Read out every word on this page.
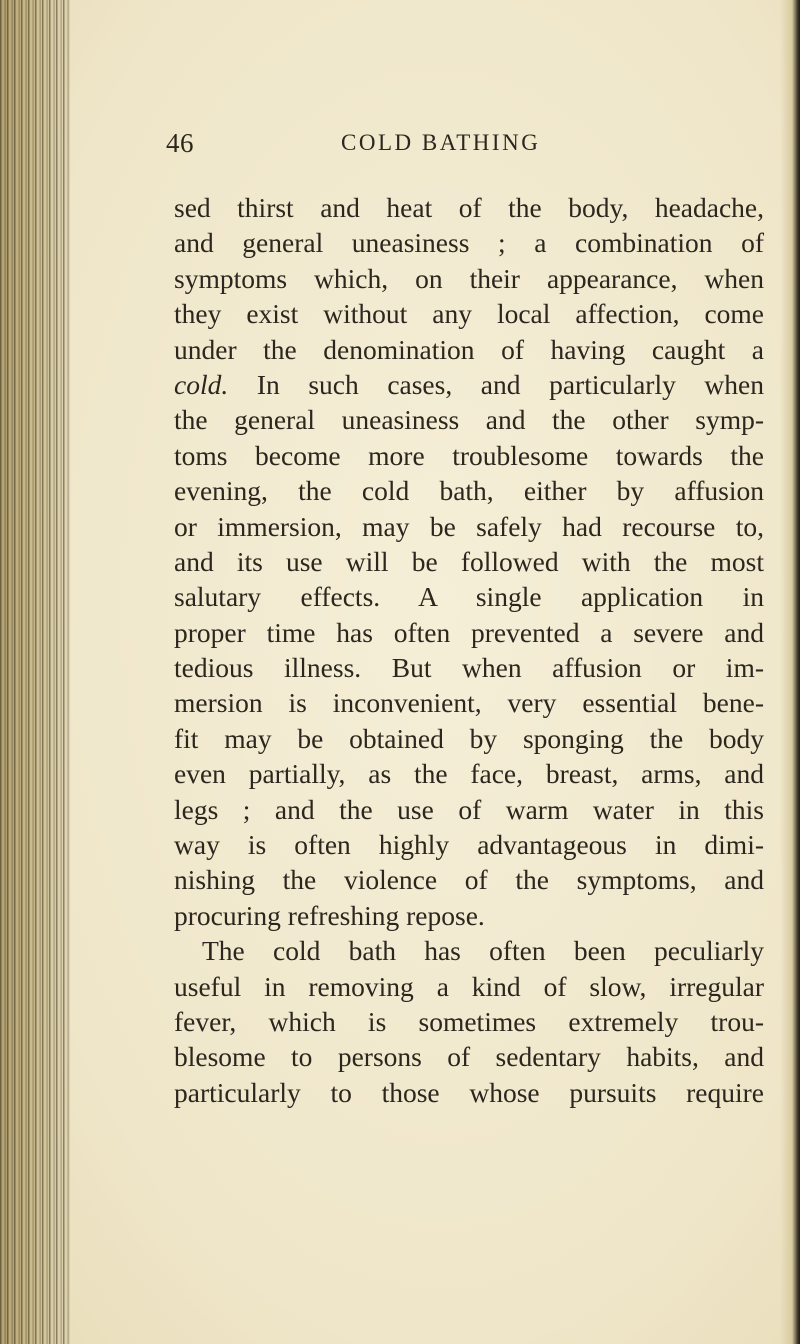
46	COLD BATHING
sed thirst and heat of the body, headache,
and general uneasiness ; a combination of
symptoms which, on their appearance, when
they exist without any local affection, come
under the denomination of having caught a
cold. In such cases, and particularly when
the general uneasiness and the other symp-
toms become more troublesome towards the
evening, the cold bath, either by affusion
or immersion, may be safely had recourse to,
and its use will be followed with the most
salutary effects. A single application in
proper time has often prevented a severe and
tedious illness. But when affusion or im-
mersion is inconvenient, very essential bene-
fit may be obtained by sponging the body
even partially, as the face, breast, arms, and
legs ; and the use of warm water in this
way is often highly advantageous in dimi-
nishing the violence of the symptoms, and
procuring refreshing repose.
The cold bath has often been peculiarly
useful in removing a kind of slow, irregular
fever, which is sometimes extremely trou-
blesome to persons of sedentary habits, and
particularly to those whose pursuits require
